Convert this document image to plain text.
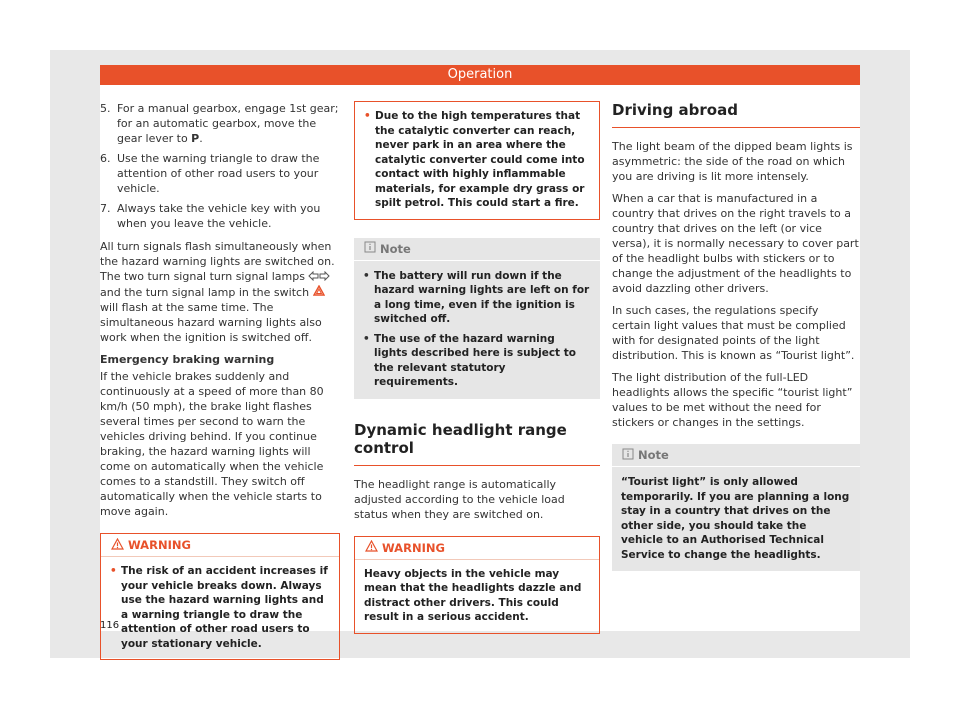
Operation
5. For a manual gearbox, engage 1st gear; for an automatic gearbox, move the gear lever to P.
6. Use the warning triangle to draw the attention of other road users to your vehicle.
7. Always take the vehicle key with you when you leave the vehicle.

All turn signals flash simultaneously when the hazard warning lights are switched on. The two turn signal turn signal lamps  and the turn signal lamp in the switch  will flash at the same time. The simultaneous hazard warning lights also work when the ignition is switched off.

Emergency braking warning

If the vehicle brakes suddenly and continuously at a speed of more than 80 km/h (50 mph), the brake light flashes several times per second to warn the vehicles driving behind. If you continue braking, the hazard warning lights will come on automatically when the vehicle comes to a standstill. They switch off automatically when the vehicle starts to move again.

WARNING
• The risk of an accident increases if your vehicle breaks down. Always use the hazard warning lights and a warning triangle to draw the attention of other road users to your stationary vehicle.
• Due to the high temperatures that the catalytic converter can reach, never park in an area where the catalytic converter could come into contact with highly inflammable materials, for example dry grass or spilt petrol. This could start a fire.
Note
• The battery will run down if the hazard warning lights are left on for a long time, even if the ignition is switched off.
• The use of the hazard warning lights described here is subject to the relevant statutory requirements.
Dynamic headlight range control

The headlight range is automatically adjusted according to the vehicle load status when they are switched on.

WARNING
Heavy objects in the vehicle may mean that the headlights dazzle and distract other drivers. This could result in a serious accident.
Driving abroad

The light beam of the dipped beam lights is asymmetric: the side of the road on which you are driving is lit more intensely.

When a car that is manufactured in a country that drives on the right travels to a country that drives on the left (or vice versa), it is normally necessary to cover part of the headlight bulbs with stickers or to change the adjustment of the headlights to avoid dazzling other drivers.

In such cases, the regulations specify certain light values that must be complied with for designated points of the light distribution. This is known as “Tourist light”.

The light distribution of the full-LED headlights allows the specific “tourist light” values to be met without the need for stickers or changes in the settings.

Note
“Tourist light” is only allowed temporarily. If you are planning a long stay in a country that drives on the other side, you should take the vehicle to an Authorised Technical Service to change the headlights.
116
